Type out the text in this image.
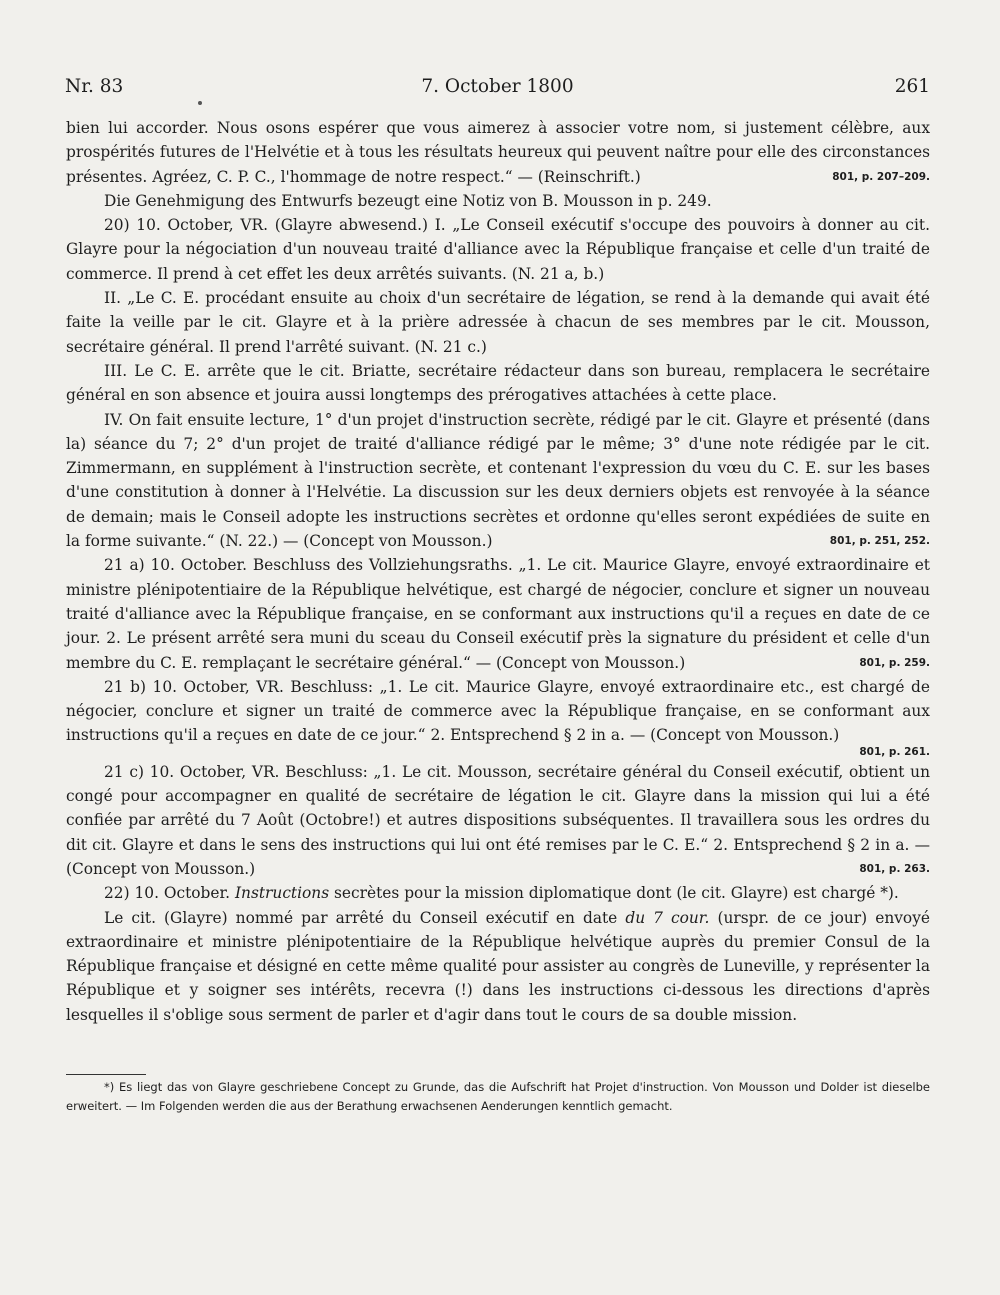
Nr. 83	7. October 1800	261

bien lui accorder. Nous osons espérer que vous aimerez à associer votre nom, si justement célèbre, aux prospérités futures de l'Helvétie et à tous les résultats heureux qui peuvent naître pour elle des circonstances présentes. Agréez, C. P. C., l'hommage de notre respect.“ — (Reinschrift.)	801, p. 207–209.

Die Genehmigung des Entwurfs bezeugt eine Notiz von B. Mousson in p. 249.

20) 10. October, VR. (Glayre abwesend.) I. „Le Conseil exécutif s'occupe des pouvoirs à donner au cit. Glayre pour la négociation d'un nouveau traité d'alliance avec la République française et celle d'un traité de commerce. Il prend à cet effet les deux arrêtés suivants. (N. 21 a, b.)

II. „Le C. E. procédant ensuite au choix d'un secrétaire de légation, se rend à la demande qui avait été faite la veille par le cit. Glayre et à la prière adressée à chacun de ses membres par le cit. Mousson, secrétaire général. Il prend l'arrêté suivant. (N. 21 c.)

III. Le C. E. arrête que le cit. Briatte, secrétaire rédacteur dans son bureau, remplacera le secrétaire général en son absence et jouira aussi longtemps des prérogatives attachées à cette place.

IV. On fait ensuite lecture, 1° d'un projet d'instruction secrète, rédigé par le cit. Glayre et présenté (dans la) séance du 7; 2° d'un projet de traité d'alliance rédigé par le même; 3° d'une note rédigée par le cit. Zimmermann, en supplément à l'instruction secrète, et contenant l'expression du vœu du C. E. sur les bases d'une constitution à donner à l'Helvétie. La discussion sur les deux derniers objets est renvoyée à la séance de demain; mais le Conseil adopte les instructions secrètes et ordonne qu'elles seront expédiées de suite en la forme suivante.“ (N. 22.) — (Concept von Mousson.)	801, p. 251, 252.

21 a) 10. October. Beschluss des Vollziehungsraths. „1. Le cit. Maurice Glayre, envoyé extraordinaire et ministre plénipotentiaire de la République helvétique, est chargé de négocier, conclure et signer un nouveau traité d'alliance avec la République française, en se conformant aux instructions qu'il a reçues en date de ce jour. 2. Le présent arrêté sera muni du sceau du Conseil exécutif près la signature du président et celle d'un membre du C. E. remplaçant le secrétaire général.“ — (Concept von Mousson.)	801, p. 259.

21 b) 10. October, VR. Beschluss: „1. Le cit. Maurice Glayre, envoyé extraordinaire etc., est chargé de négocier, conclure et signer un traité de commerce avec la République française, en se conformant aux instructions qu'il a reçues en date de ce jour.“ 2. Entsprechend § 2 in a. — (Concept von Mousson.)

801, p. 261.

21 c) 10. October, VR. Beschluss: „1. Le cit. Mousson, secrétaire général du Conseil exécutif, obtient un congé pour accompagner en qualité de secrétaire de légation le cit. Glayre dans la mission qui lui a été confiée par arrêté du 7 Août (Octobre!) et autres dispositions subséquentes. Il travaillera sous les ordres du dit cit. Glayre et dans le sens des instructions qui lui ont été remises par le C. E.“ 2. Entsprechend § 2 in a. — (Concept von Mousson.)	801, p. 263.

22) 10. October. Instructions secrètes pour la mission diplomatique dont (le cit. Glayre) est chargé *).

Le cit. (Glayre) nommé par arrêté du Conseil exécutif en date du 7 cour. (urspr. de ce jour) envoyé extraordinaire et ministre plénipotentiaire de la République helvétique auprès du premier Consul de la République française et désigné en cette même qualité pour assister au congrès de Luneville, y représenter la République et y soigner ses intérêts, recevra (!) dans les instructions ci-dessous les directions d'après lesquelles il s'oblige sous serment de parler et d'agir dans tout le cours de sa double mission.

*) Es liegt das von Glayre geschriebene Concept zu Grunde, das die Aufschrift hat Projet d'instruction. Von Mousson und Dolder ist dieselbe erweitert. — Im Folgenden werden die aus der Berathung erwachsenen Aenderungen kenntlich gemacht.
